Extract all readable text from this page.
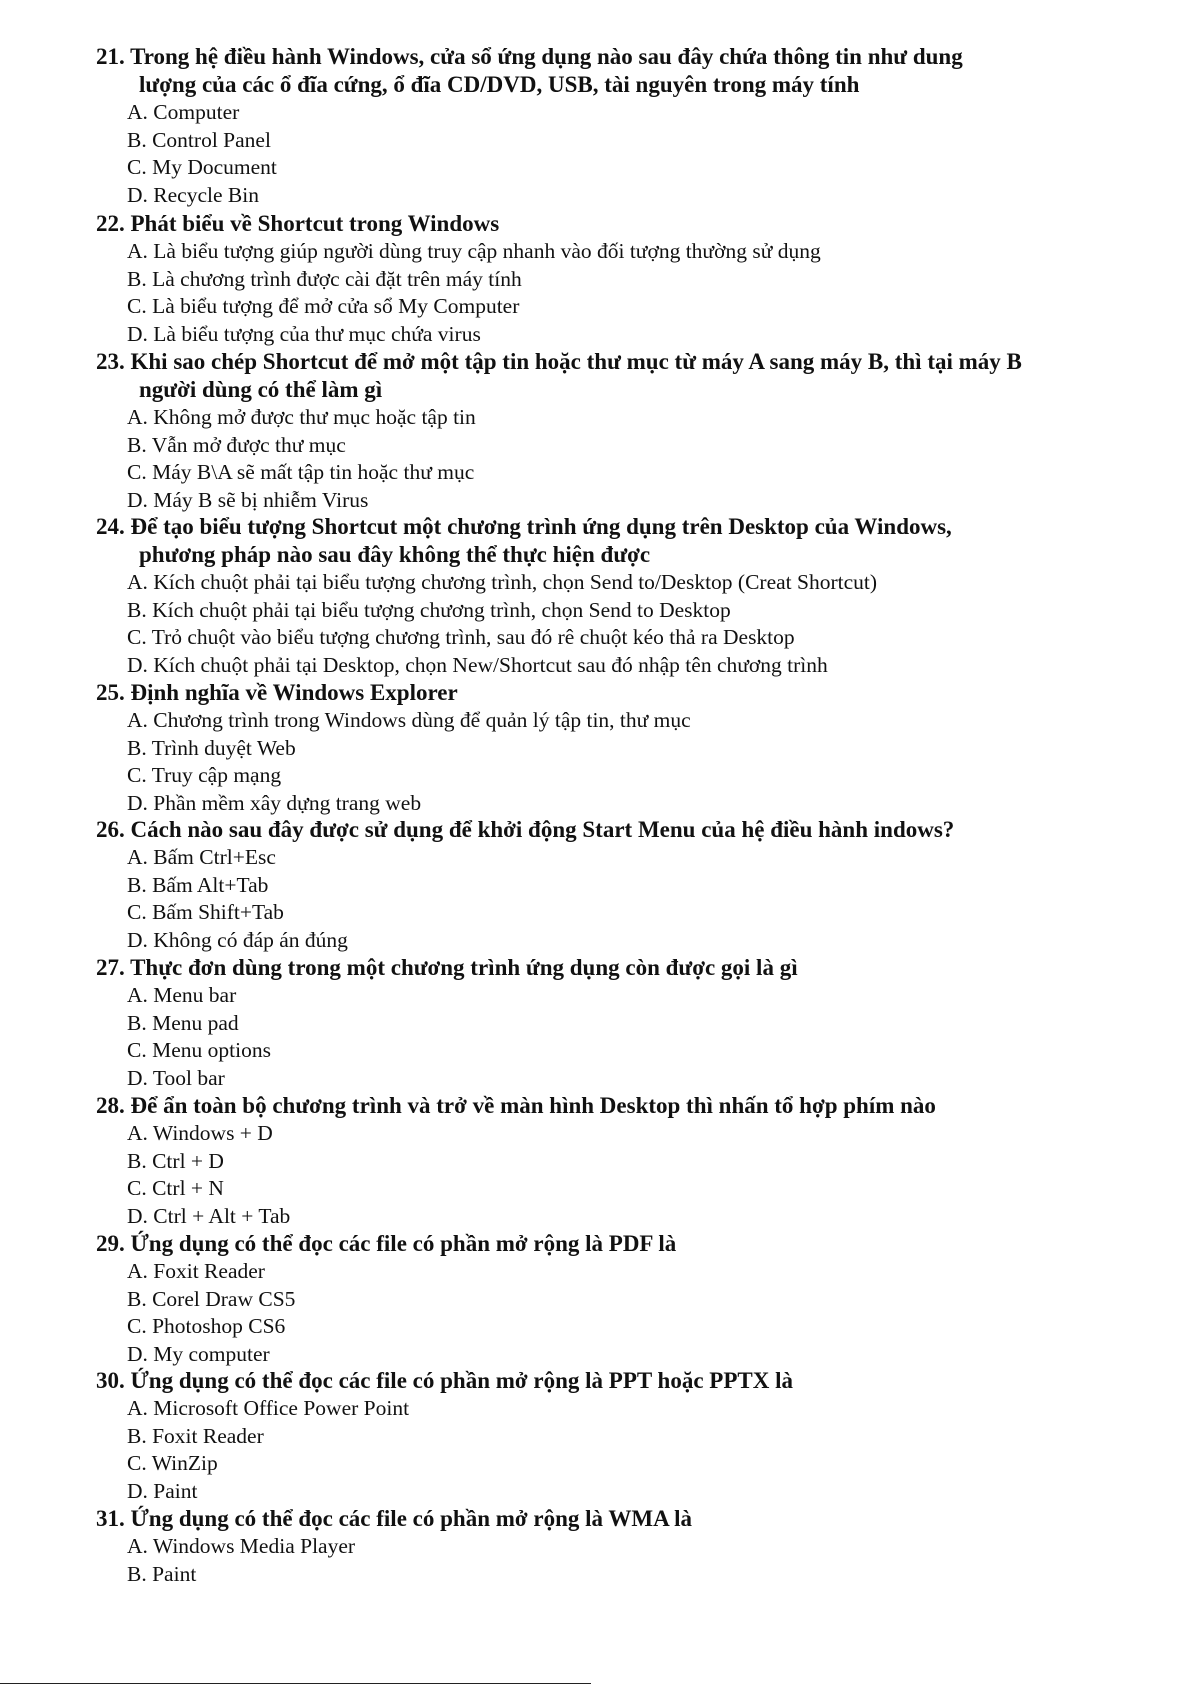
21. Trong hệ điều hành Windows, cửa sổ ứng dụng nào sau đây chứa thông tin như dung
lượng của các ổ đĩa cứng, ổ đĩa CD/DVD, USB, tài nguyên trong máy tính

A. Computer
B. Control Panel
C. My Document
D. Recycle Bin

22. Phát biểu về Shortcut trong Windows

A. Là biểu tượng giúp người dùng truy cập nhanh vào đối tượng thường sử dụng
B. Là chương trình được cài đặt trên máy tính
C. Là biểu tượng để mở cửa sổ My Computer
D. Là biểu tượng của thư mục chứa virus

23. Khi sao chép Shortcut để mở một tập tin hoặc thư mục từ máy A sang máy B, thì tại máy B
người dùng có thể làm gì

A. Không mở được thư mục hoặc tập tin
B. Vẫn mở được thư mục
C. Máy B\A sẽ mất tập tin hoặc thư mục
D. Máy B sẽ bị nhiễm Virus

24. Để tạo biểu tượng Shortcut một chương trình ứng dụng trên Desktop của Windows,
phương pháp nào sau đây không thể thực hiện được

A. Kích chuột phải tại biểu tượng chương trình, chọn Send to/Desktop (Creat Shortcut)
B. Kích chuột phải tại biểu tượng chương trình, chọn Send to Desktop
C. Trỏ chuột vào biểu tượng chương trình, sau đó rê chuột kéo thả ra Desktop
D. Kích chuột phải tại Desktop, chọn New/Shortcut sau đó nhập tên chương trình

25. Định nghĩa về Windows Explorer

A. Chương trình trong Windows dùng để quản lý tập tin, thư mục
B. Trình duyệt Web
C. Truy cập mạng
D. Phần mềm xây dựng trang web

26. Cách nào sau đây được sử dụng để khởi động Start Menu của hệ điều hành indows?

A. Bấm Ctrl+Esc
B. Bấm Alt+Tab
C. Bấm Shift+Tab
D. Không có đáp án đúng

27. Thực đơn dùng trong một chương trình ứng dụng còn được gọi là gì

A. Menu bar
B. Menu pad
C. Menu options
D. Tool bar

28. Để ẩn toàn bộ chương trình và trở về màn hình Desktop thì nhấn tổ hợp phím nào

A. Windows + D
B. Ctrl + D
C. Ctrl + N
D. Ctrl + Alt + Tab

29. Ứng dụng có thể đọc các file có phần mở rộng là PDF là

A. Foxit Reader
B. Corel Draw CS5
C. Photoshop CS6
D. My computer

30. Ứng dụng có thể đọc các file có phần mở rộng là PPT hoặc PPTX là

A. Microsoft Office Power Point
B. Foxit Reader
C. WinZip
D. Paint

31. Ứng dụng có thể đọc các file có phần mở rộng là WMA là

A. Windows Media Player
B. Paint
